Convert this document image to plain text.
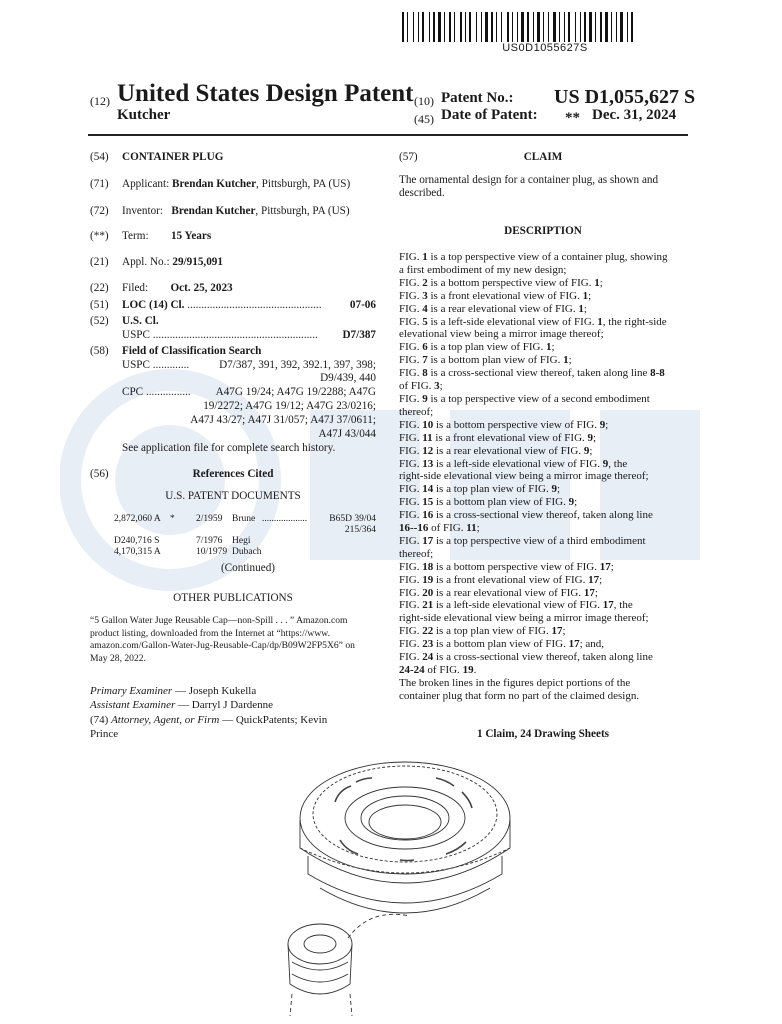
US0D1055627S
(12) United States Design Patent
Kutcher
(10) Patent No.: US D1,055,627 S
(45) Date of Patent: ** Dec. 31, 2024
(54)	CONTAINER PLUG
(71)	Applicant: Brendan Kutcher, Pittsburgh, PA (US)
(72)	Inventor: Brendan Kutcher, Pittsburgh, PA (US)
(**)	Term: 15 Years
(21)	Appl. No.: 29/915,091
(22)	Filed: Oct. 25, 2023
(51)	LOC (14) Cl. ................................................	07-06
(52)	U.S. Cl.
USPC ...........................................................	D7/387
(58)	Field of Classification Search
USPC .............	D7/387, 391, 392, 392.1, 397, 398;
D9/439, 440
CPC ................	A47G 19/24; A47G 19/2288; A47G
19/2272; A47G 19/12; A47G 23/0216;
A47J 43/27; A47J 31/057; A47J 37/0611;
A47J 43/044
See application file for complete search history.
(56)	References Cited
U.S. PATENT DOCUMENTS
2,872,060 A * 2/1959 Brune ................... B65D 39/04
215/364
D240,716 S	7/1976 Hegi
4,170,315 A	10/1979 Dubach
(Continued)
OTHER PUBLICATIONS
“5 Gallon Water Juge Reusable Cap—non-Spill . . . ” Amazon.com
product listing, downloaded from the Internet at “https://www.
amazon.com/Gallon-Water-Jug-Reusable-Cap/dp/B09W2FP5X6” on
May 28, 2022.
Primary Examiner — Joseph Kukella
Assistant Examiner — Darryl J Dardenne
(74) Attorney, Agent, or Firm — QuickPatents; Kevin
Prince
(57)	CLAIM
The ornamental design for a container plug, as shown and
described.
DESCRIPTION
FIG. 1 is a top perspective view of a container plug, showing
a first embodiment of my new design;
FIG. 2 is a bottom perspective view of FIG. 1;
FIG. 3 is a front elevational view of FIG. 1;
FIG. 4 is a rear elevational view of FIG. 1;
FIG. 5 is a left-side elevational view of FIG. 1, the right-side
elevational view being a mirror image thereof;
FIG. 6 is a top plan view of FIG. 1;
FIG. 7 is a bottom plan view of FIG. 1;
FIG. 8 is a cross-sectional view thereof, taken along line 8-8
of FIG. 3;
FIG. 9 is a top perspective view of a second embodiment
thereof;
FIG. 10 is a bottom perspective view of FIG. 9;
FIG. 11 is a front elevational view of FIG. 9;
FIG. 12 is a rear elevational view of FIG. 9;
FIG. 13 is a left-side elevational view of FIG. 9, the
right-side elevational view being a mirror image thereof;
FIG. 14 is a top plan view of FIG. 9;
FIG. 15 is a bottom plan view of FIG. 9;
FIG. 16 is a cross-sectional view thereof, taken along line
16--16 of FIG. 11;
FIG. 17 is a top perspective view of a third embodiment
thereof;
FIG. 18 is a bottom perspective view of FIG. 17;
FIG. 19 is a front elevational view of FIG. 17;
FIG. 20 is a rear elevational view of FIG. 17;
FIG. 21 is a left-side elevational view of FIG. 17, the
right-side elevational view being a mirror image thereof;
FIG. 22 is a top plan view of FIG. 17;
FIG. 23 is a bottom plan view of FIG. 17; and,
FIG. 24 is a cross-sectional view thereof, taken along line
24-24 of FIG. 19.
The broken lines in the figures depict portions of the
container plug that form no part of the claimed design.
1 Claim, 24 Drawing Sheets
